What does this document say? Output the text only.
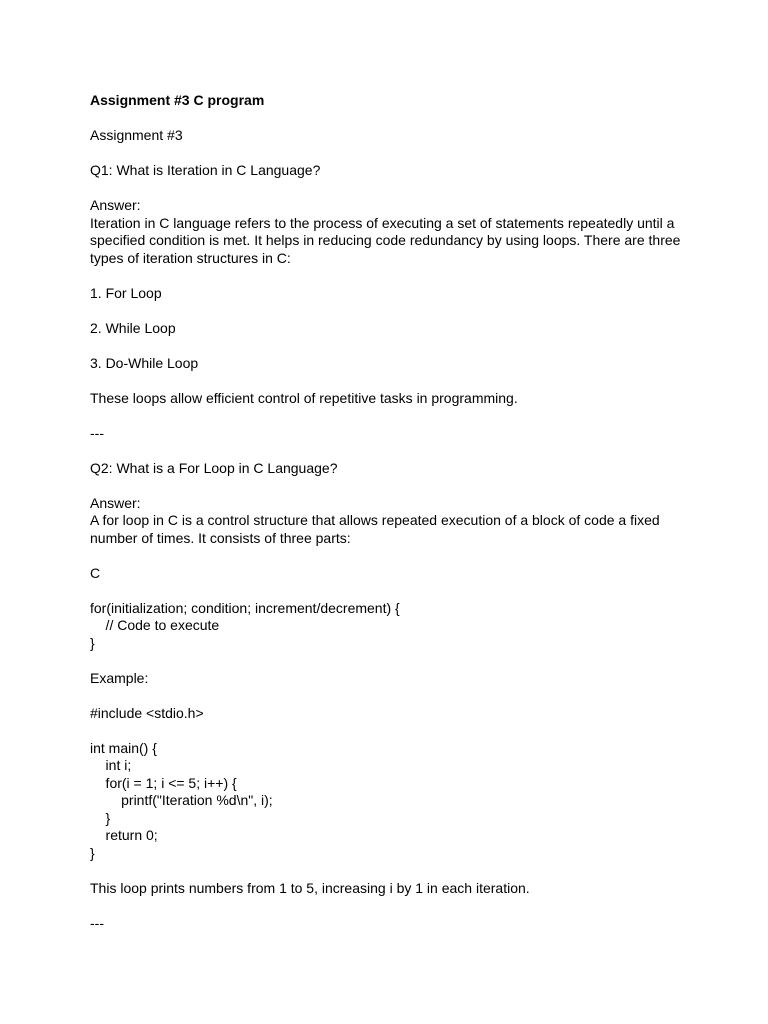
Assignment #3 C program
Assignment #3
Q1: What is Iteration in C Language?
Answer:
Iteration in C language refers to the process of executing a set of statements repeatedly until a
specified condition is met. It helps in reducing code redundancy by using loops. There are three
types of iteration structures in C:
1. For Loop
2. While Loop
3. Do-While Loop
These loops allow efficient control of repetitive tasks in programming.
---
Q2: What is a For Loop in C Language?
Answer:
A for loop in C is a control structure that allows repeated execution of a block of code a fixed
number of times. It consists of three parts:
C
for(initialization; condition; increment/decrement) {
// Code to execute
}
Example:
#include <stdio.h>
int main() {
int i;
for(i = 1; i <= 5; i++) {
printf("Iteration %d\n", i);
}
return 0;
}
This loop prints numbers from 1 to 5, increasing i by 1 in each iteration.
---
